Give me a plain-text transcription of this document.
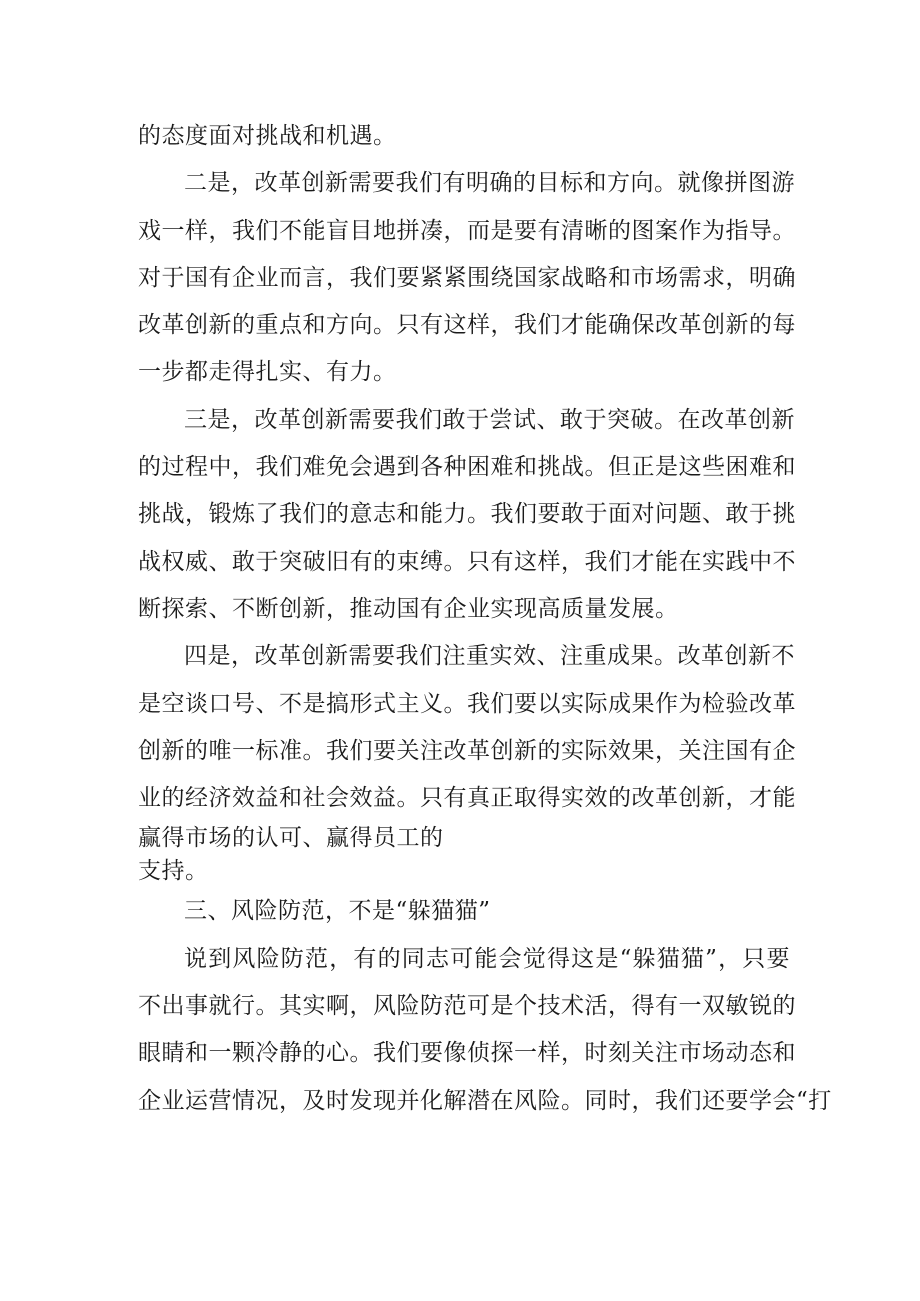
的态度面对挑战和机遇。
二是，改革创新需要我们有明确的目标和方向。就像拼图游
戏一样，我们不能盲目地拼凑，而是要有清晰的图案作为指导。
对于国有企业而言，我们要紧紧围绕国家战略和市场需求，明确
改革创新的重点和方向。只有这样，我们才能确保改革创新的每
一步都走得扎实、有力。
三是，改革创新需要我们敢于尝试、敢于突破。在改革创新
的过程中，我们难免会遇到各种困难和挑战。但正是这些困难和
挑战，锻炼了我们的意志和能力。我们要敢于面对问题、敢于挑
战权威、敢于突破旧有的束缚。只有这样，我们才能在实践中不
断探索、不断创新，推动国有企业实现高质量发展。
四是，改革创新需要我们注重实效、注重成果。改革创新不
是空谈口号、不是搞形式主义。我们要以实际成果作为检验改革
创新的唯一标准。我们要关注改革创新的实际效果，关注国有企
业的经济效益和社会效益。只有真正取得实效的改革创新，才能
赢得市场的认可、赢得员工的
支持。
三、风险防范，不是“躲猫猫”
说到风险防范，有的同志可能会觉得这是“躲猫猫”，只要
不出事就行。其实啊，风险防范可是个技术活，得有一双敏锐的
眼睛和一颗冷静的心。我们要像侦探一样，时刻关注市场动态和
企业运营情况，及时发现并化解潜在风险。同时，我们还要学会“打
